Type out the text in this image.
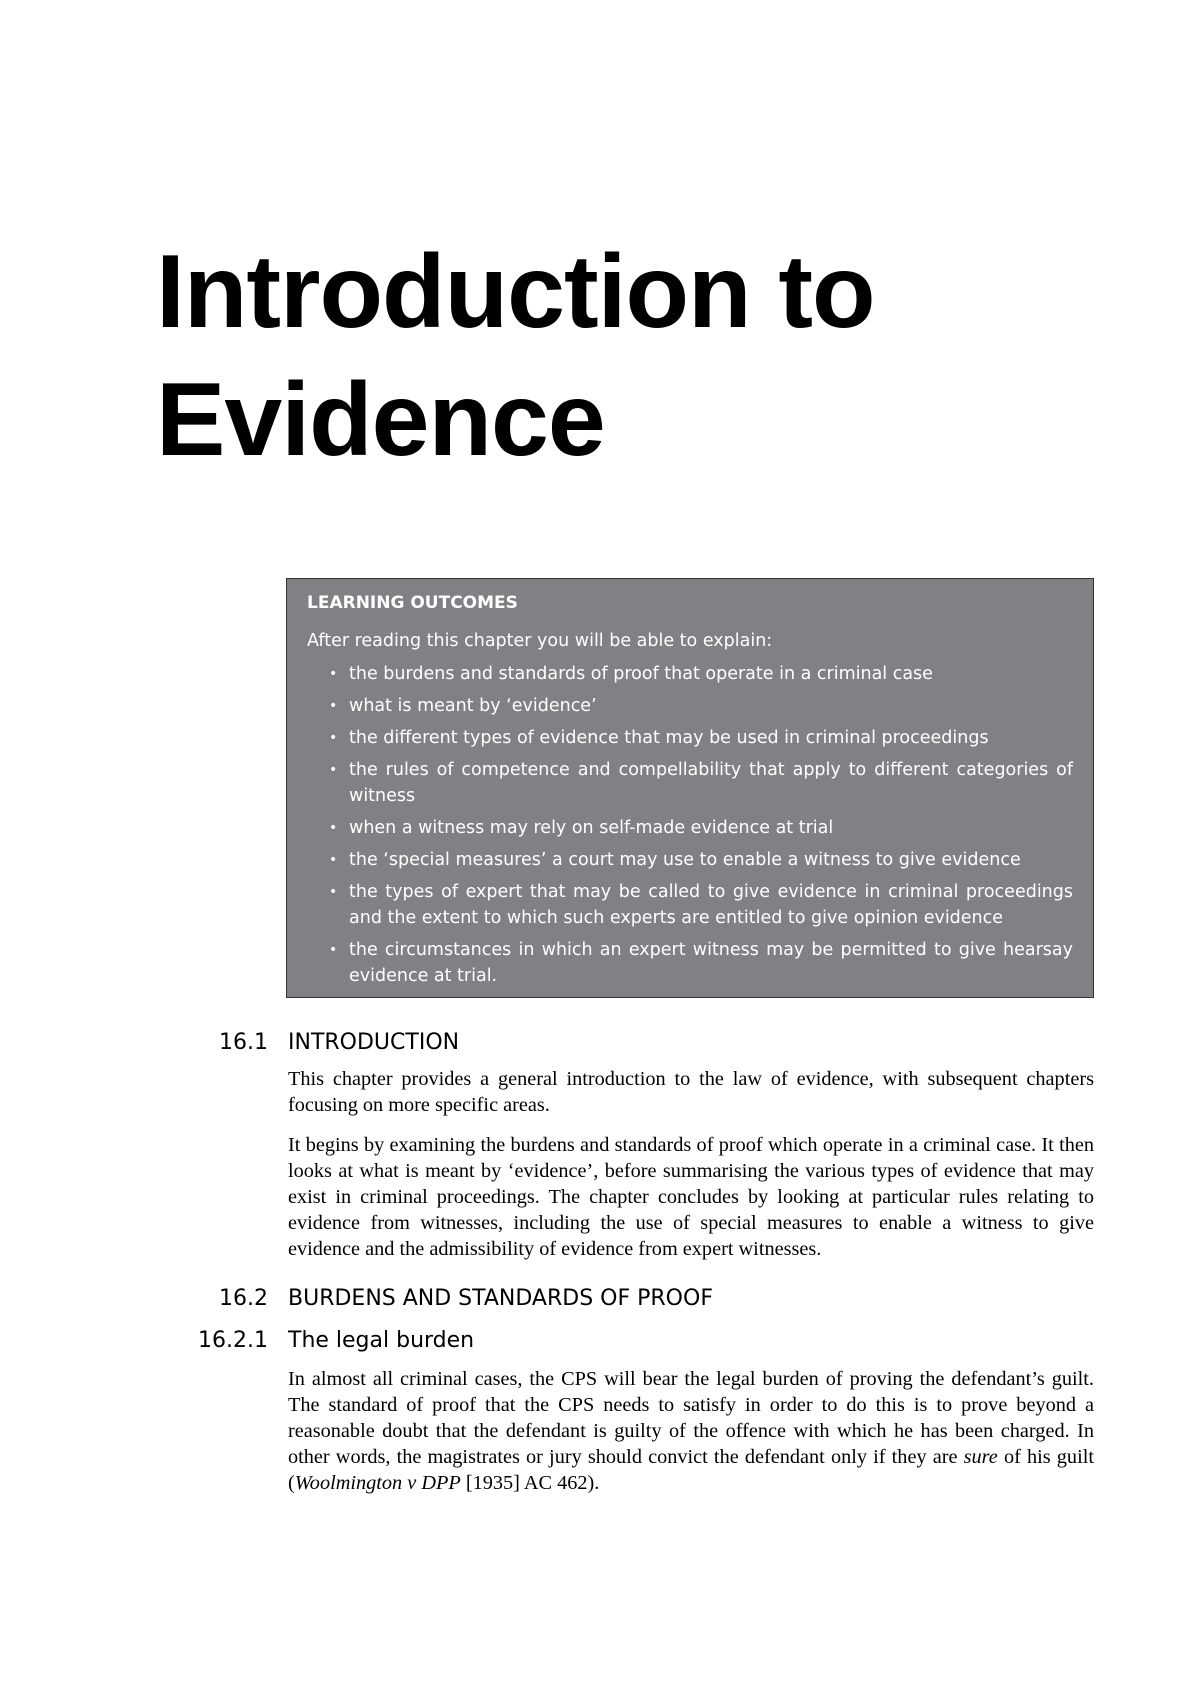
Introduction to
Evidence
LEARNING OUTCOMES
After reading this chapter you will be able to explain:
• the burdens and standards of proof that operate in a criminal case
• what is meant by ‘evidence’
• the different types of evidence that may be used in criminal proceedings
• the rules of competence and compellability that apply to different categories of witness
• when a witness may rely on self-made evidence at trial
• the ‘special measures’ a court may use to enable a witness to give evidence
• the types of expert that may be called to give evidence in criminal proceedings and the extent to which such experts are entitled to give opinion evidence
• the circumstances in which an expert witness may be permitted to give hearsay evidence at trial.
16.1 INTRODUCTION

This chapter provides a general introduction to the law of evidence, with subsequent chapters focusing on more specific areas.

It begins by examining the burdens and standards of proof which operate in a criminal case. It then looks at what is meant by ‘evidence’, before summarising the various types of evidence that may exist in criminal proceedings. The chapter concludes by looking at particular rules relating to evidence from witnesses, including the use of special measures to enable a witness to give evidence and the admissibility of evidence from expert witnesses.

16.2 BURDENS AND STANDARDS OF PROOF
16.2.1 The legal burden

In almost all criminal cases, the CPS will bear the legal burden of proving the defendant’s guilt. The standard of proof that the CPS needs to satisfy in order to do this is to prove beyond a reasonable doubt that the defendant is guilty of the offence with which he has been charged. In other words, the magistrates or jury should convict the defendant only if they are sure of his guilt (Woolmington v DPP [1935] AC 462).
